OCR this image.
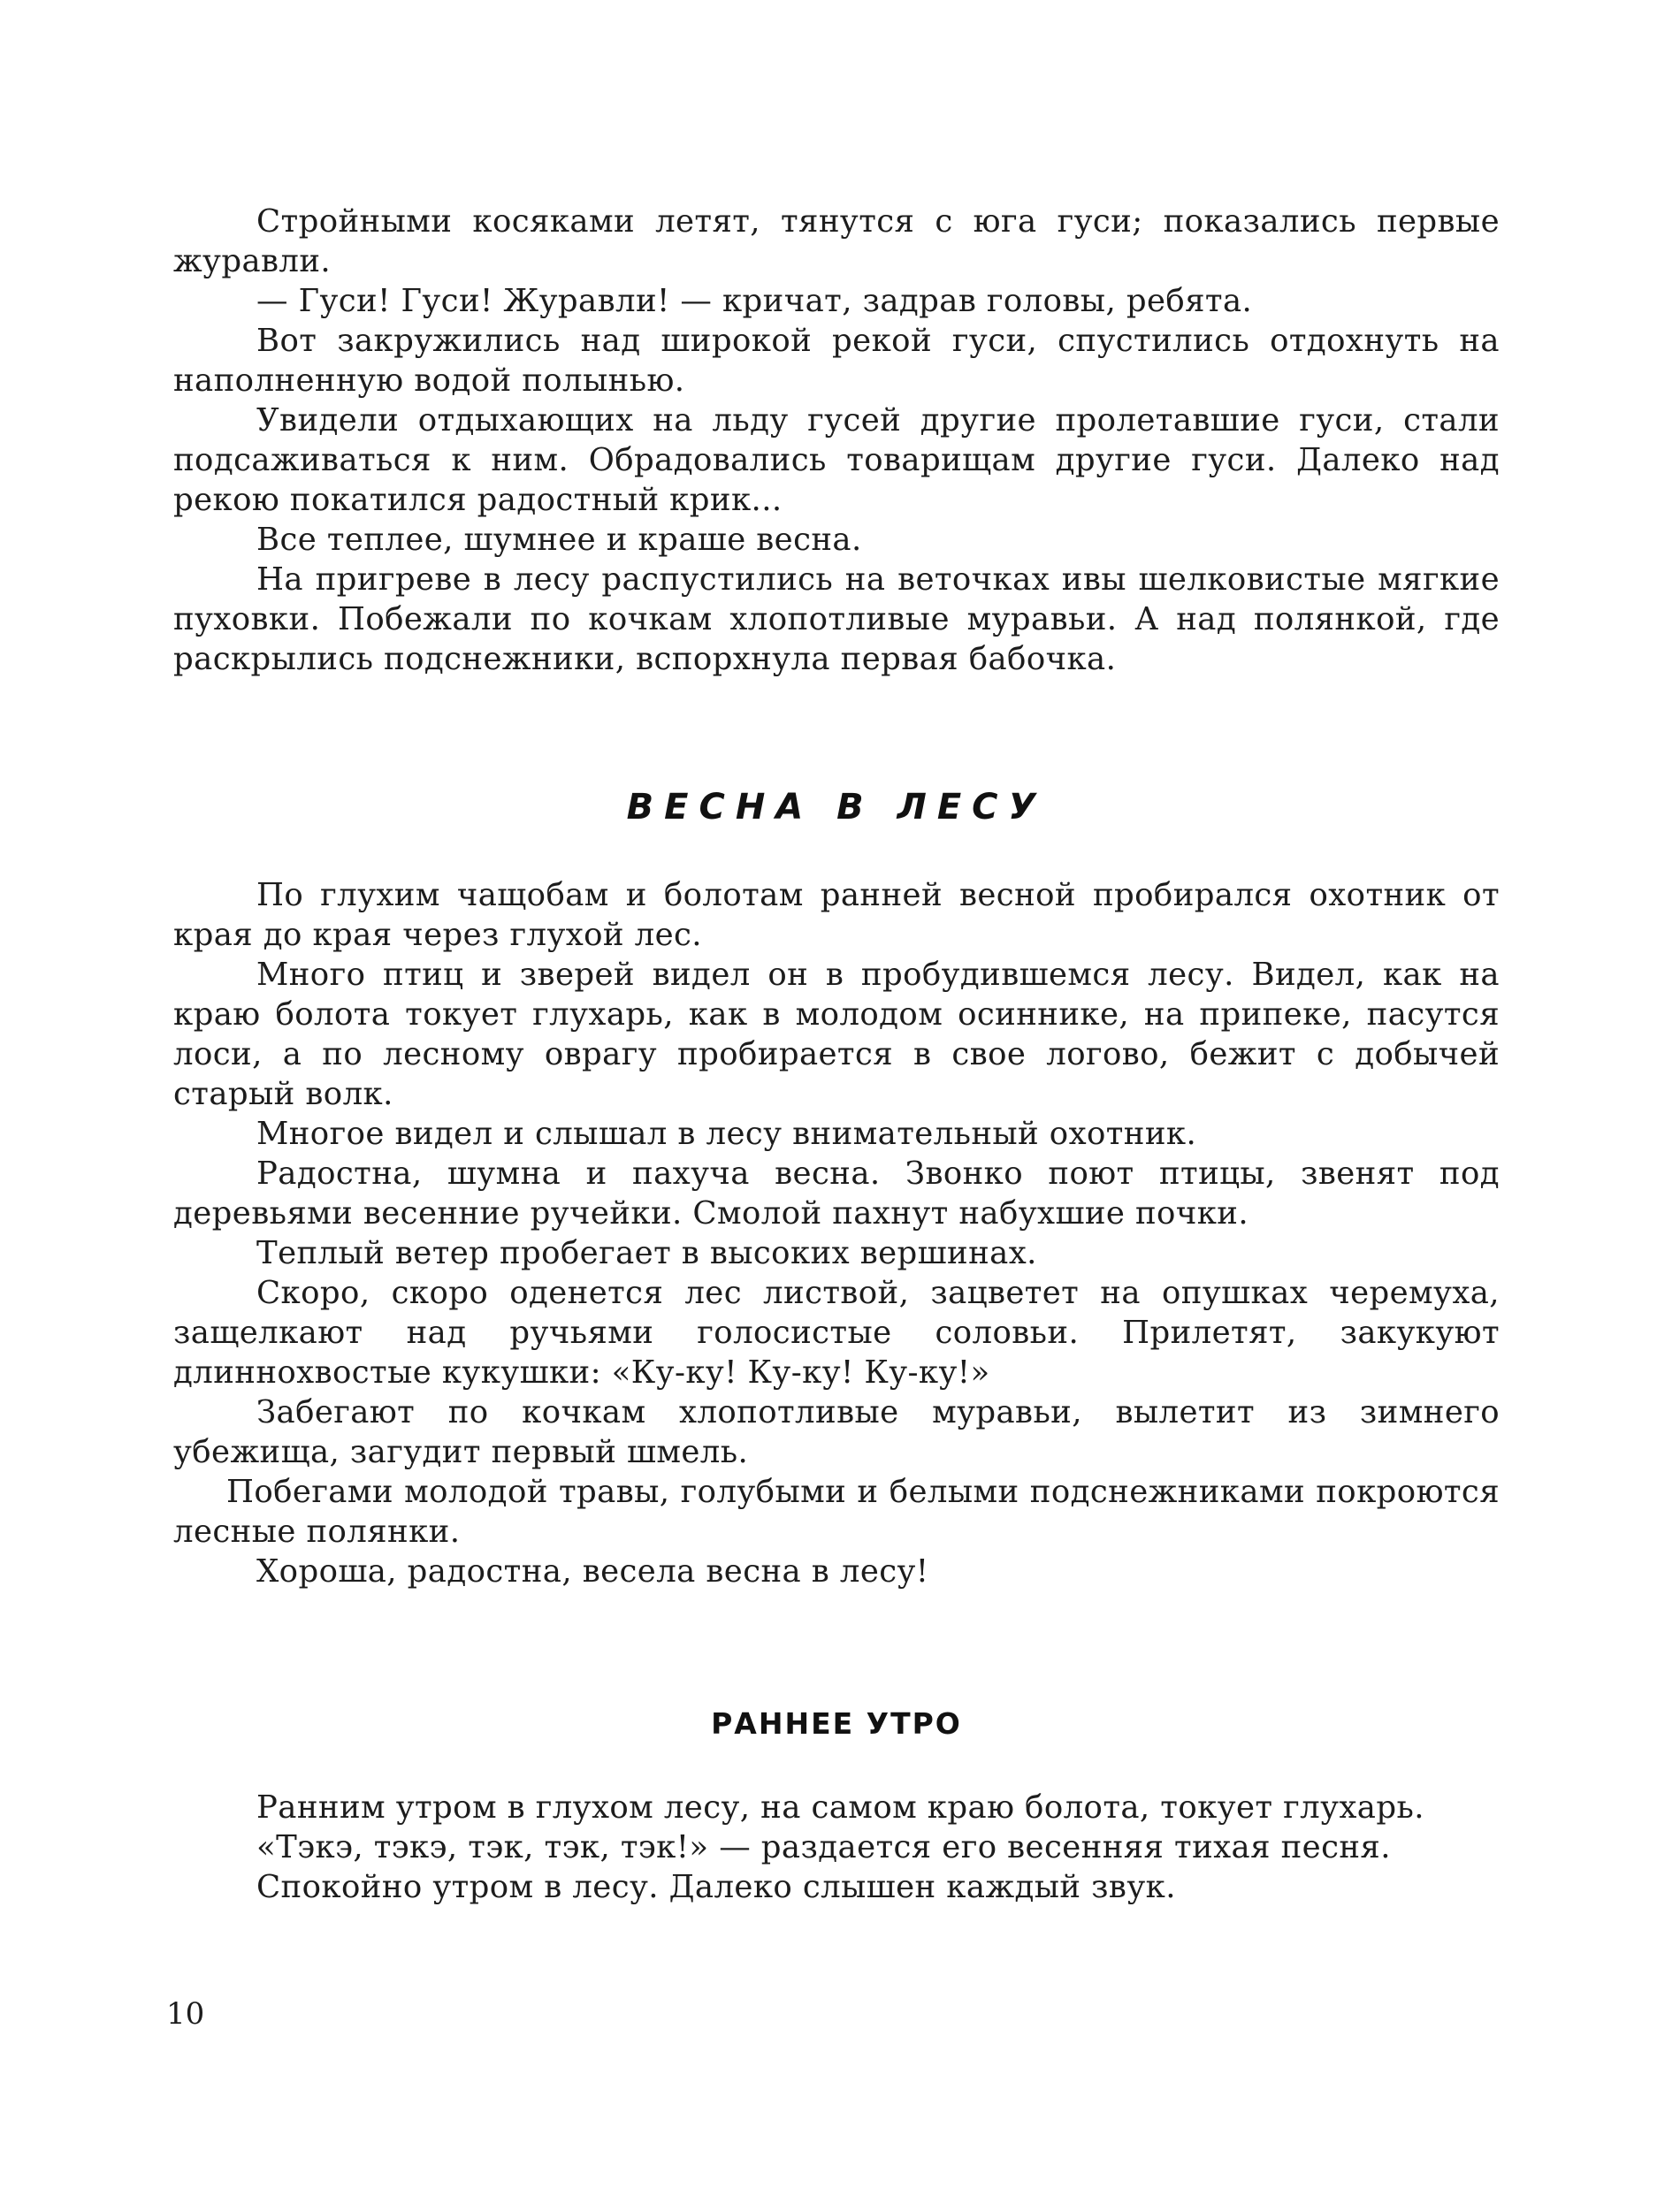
Стройными косяками летят, тянутся с юга гуси; показались первые журавли.

— Гуси! Гуси! Журавли! — кричат, задрав головы, ребята.

Вот закружились над широкой рекой гуси, спустились отдохнуть на наполненную водой полынью.

Увидели отдыхающих на льду гусей другие пролетавшие гуси, стали подсаживаться к ним. Обрадовались товарищам другие гуси. Далеко над рекою покатился радостный крик...

Все теплее, шумнее и краше весна.

На пригреве в лесу распустились на веточках ивы шелковистые мягкие пуховки. Побежали по кочкам хлопотливые муравьи. А над полянкой, где раскрылись подснежники, вспорхнула первая бабочка.

ВЕСНА В ЛЕСУ

По глухим чащобам и болотам ранней весной пробирался охотник от края до края через глухой лес.

Много птиц и зверей видел он в пробудившемся лесу. Видел, как на краю болота токует глухарь, как в молодом осиннике, на припеке, пасутся лоси, а по лесному оврагу пробирается в свое логово, бежит с добычей старый волк.

Многое видел и слышал в лесу внимательный охотник.

Радостна, шумна и пахуча весна. Звонко поют птицы, звенят под деревьями весенние ручейки. Смолой пахнут набухшие почки.

Теплый ветер пробегает в высоких вершинах.

Скоро, скоро оденется лес листвой, зацветет на опушках черемуха, защелкают над ручьями голосистые соловьи. Прилетят, закукуют длиннохвостые кукушки: «Ку-ку! Ку-ку! Ку-ку!»

Забегают по кочкам хлопотливые муравьи, вылетит из зимнего убежища, загудит первый шмель.

Побегами молодой травы, голубыми и белыми подснежниками покроются лесные полянки.

Хороша, радостна, весела весна в лесу!

РАННЕЕ УТРО

Ранним утром в глухом лесу, на самом краю болота, токует глухарь.

«Тэкэ, тэкэ, тэк, тэк, тэк!» — раздается его весенняя тихая песня.

Спокойно утром в лесу. Далеко слышен каждый звук.

10
